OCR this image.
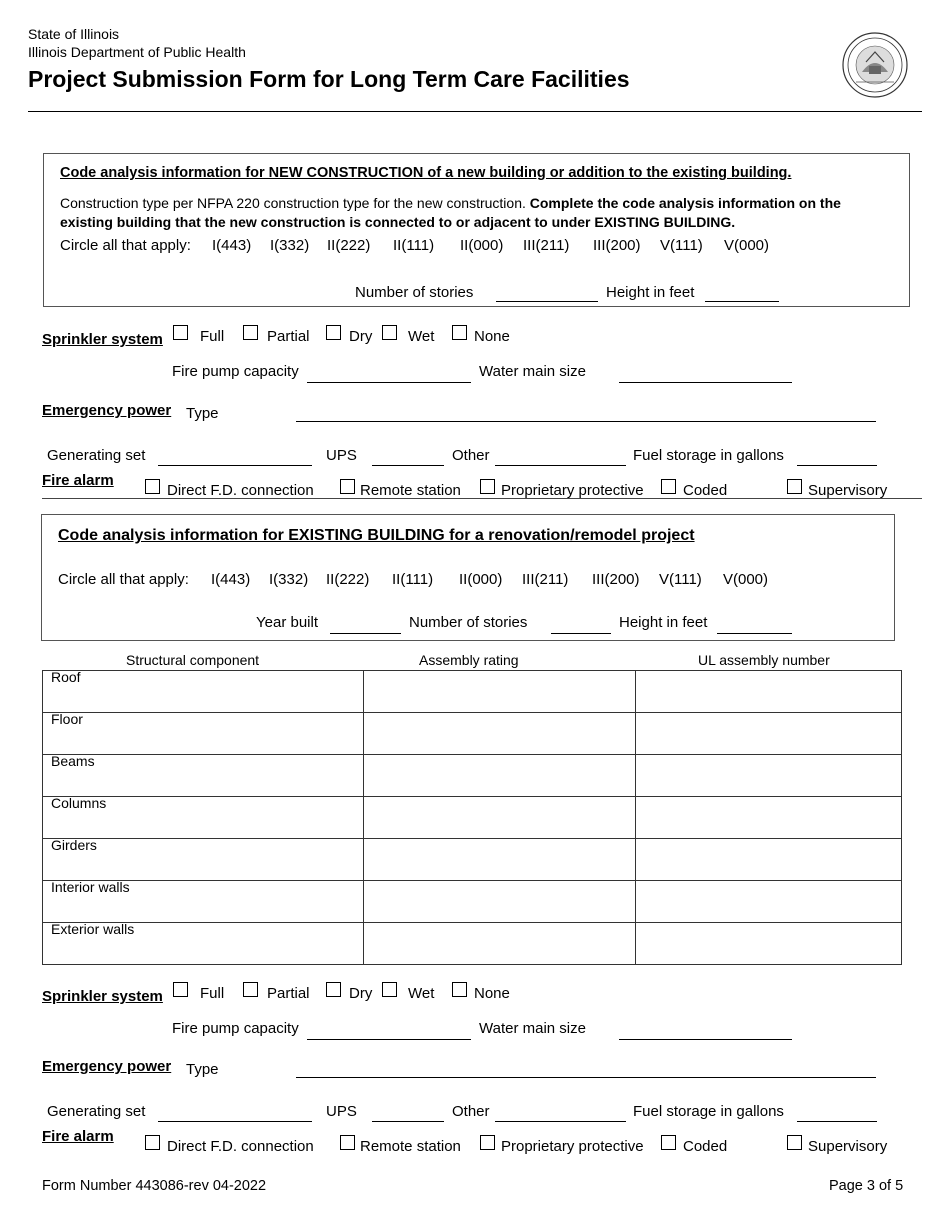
State of Illinois
Illinois Department of Public Health
Project Submission Form for Long Term Care Facilities
Code analysis information for NEW CONSTRUCTION of a new building or addition to the existing building.
Construction type per NFPA 220 construction type for the new construction. Complete the code analysis information on the
existing building that the new construction is connected to or adjacent to under EXISTING BUILDING.
Circle all that apply: I(443) I(332) II(222) II(111) II(000) III(211) III(200) V(111) V(000)
Number of stories	Height in feet
Sprinkler system Full	Partial	Dry Wet	None
Fire pump capacity	Water main size
Emergency power Type
Generating set	UPS	Other	Fuel storage in gallons
Fire alarm
Direct F.D. connection	Remote station	Proprietary protective	Coded	Supervisory
Code analysis information for EXISTING BUILDING for a renovation/remodel project
Circle all that apply: I(443) I(332) II(222) II(111) II(000) III(211) III(200) V(111) V(000)
Year built	Number of stories	Height in feet
Structural component	Assembly rating	UL assembly number
Roof		
Floor		
Beams		
Columns		
Girders		
Interior walls		
Exterior walls		
Sprinkler system Full	Partial	Dry Wet	None
Fire pump capacity	Water main size
Emergency power Type
Generating set	UPS	Other	Fuel storage in gallons
Fire alarm
Direct F.D. connection	Remote station	Proprietary protective	Coded	Supervisory
Form Number 443086-rev 04-2022	Page 3 of 5
